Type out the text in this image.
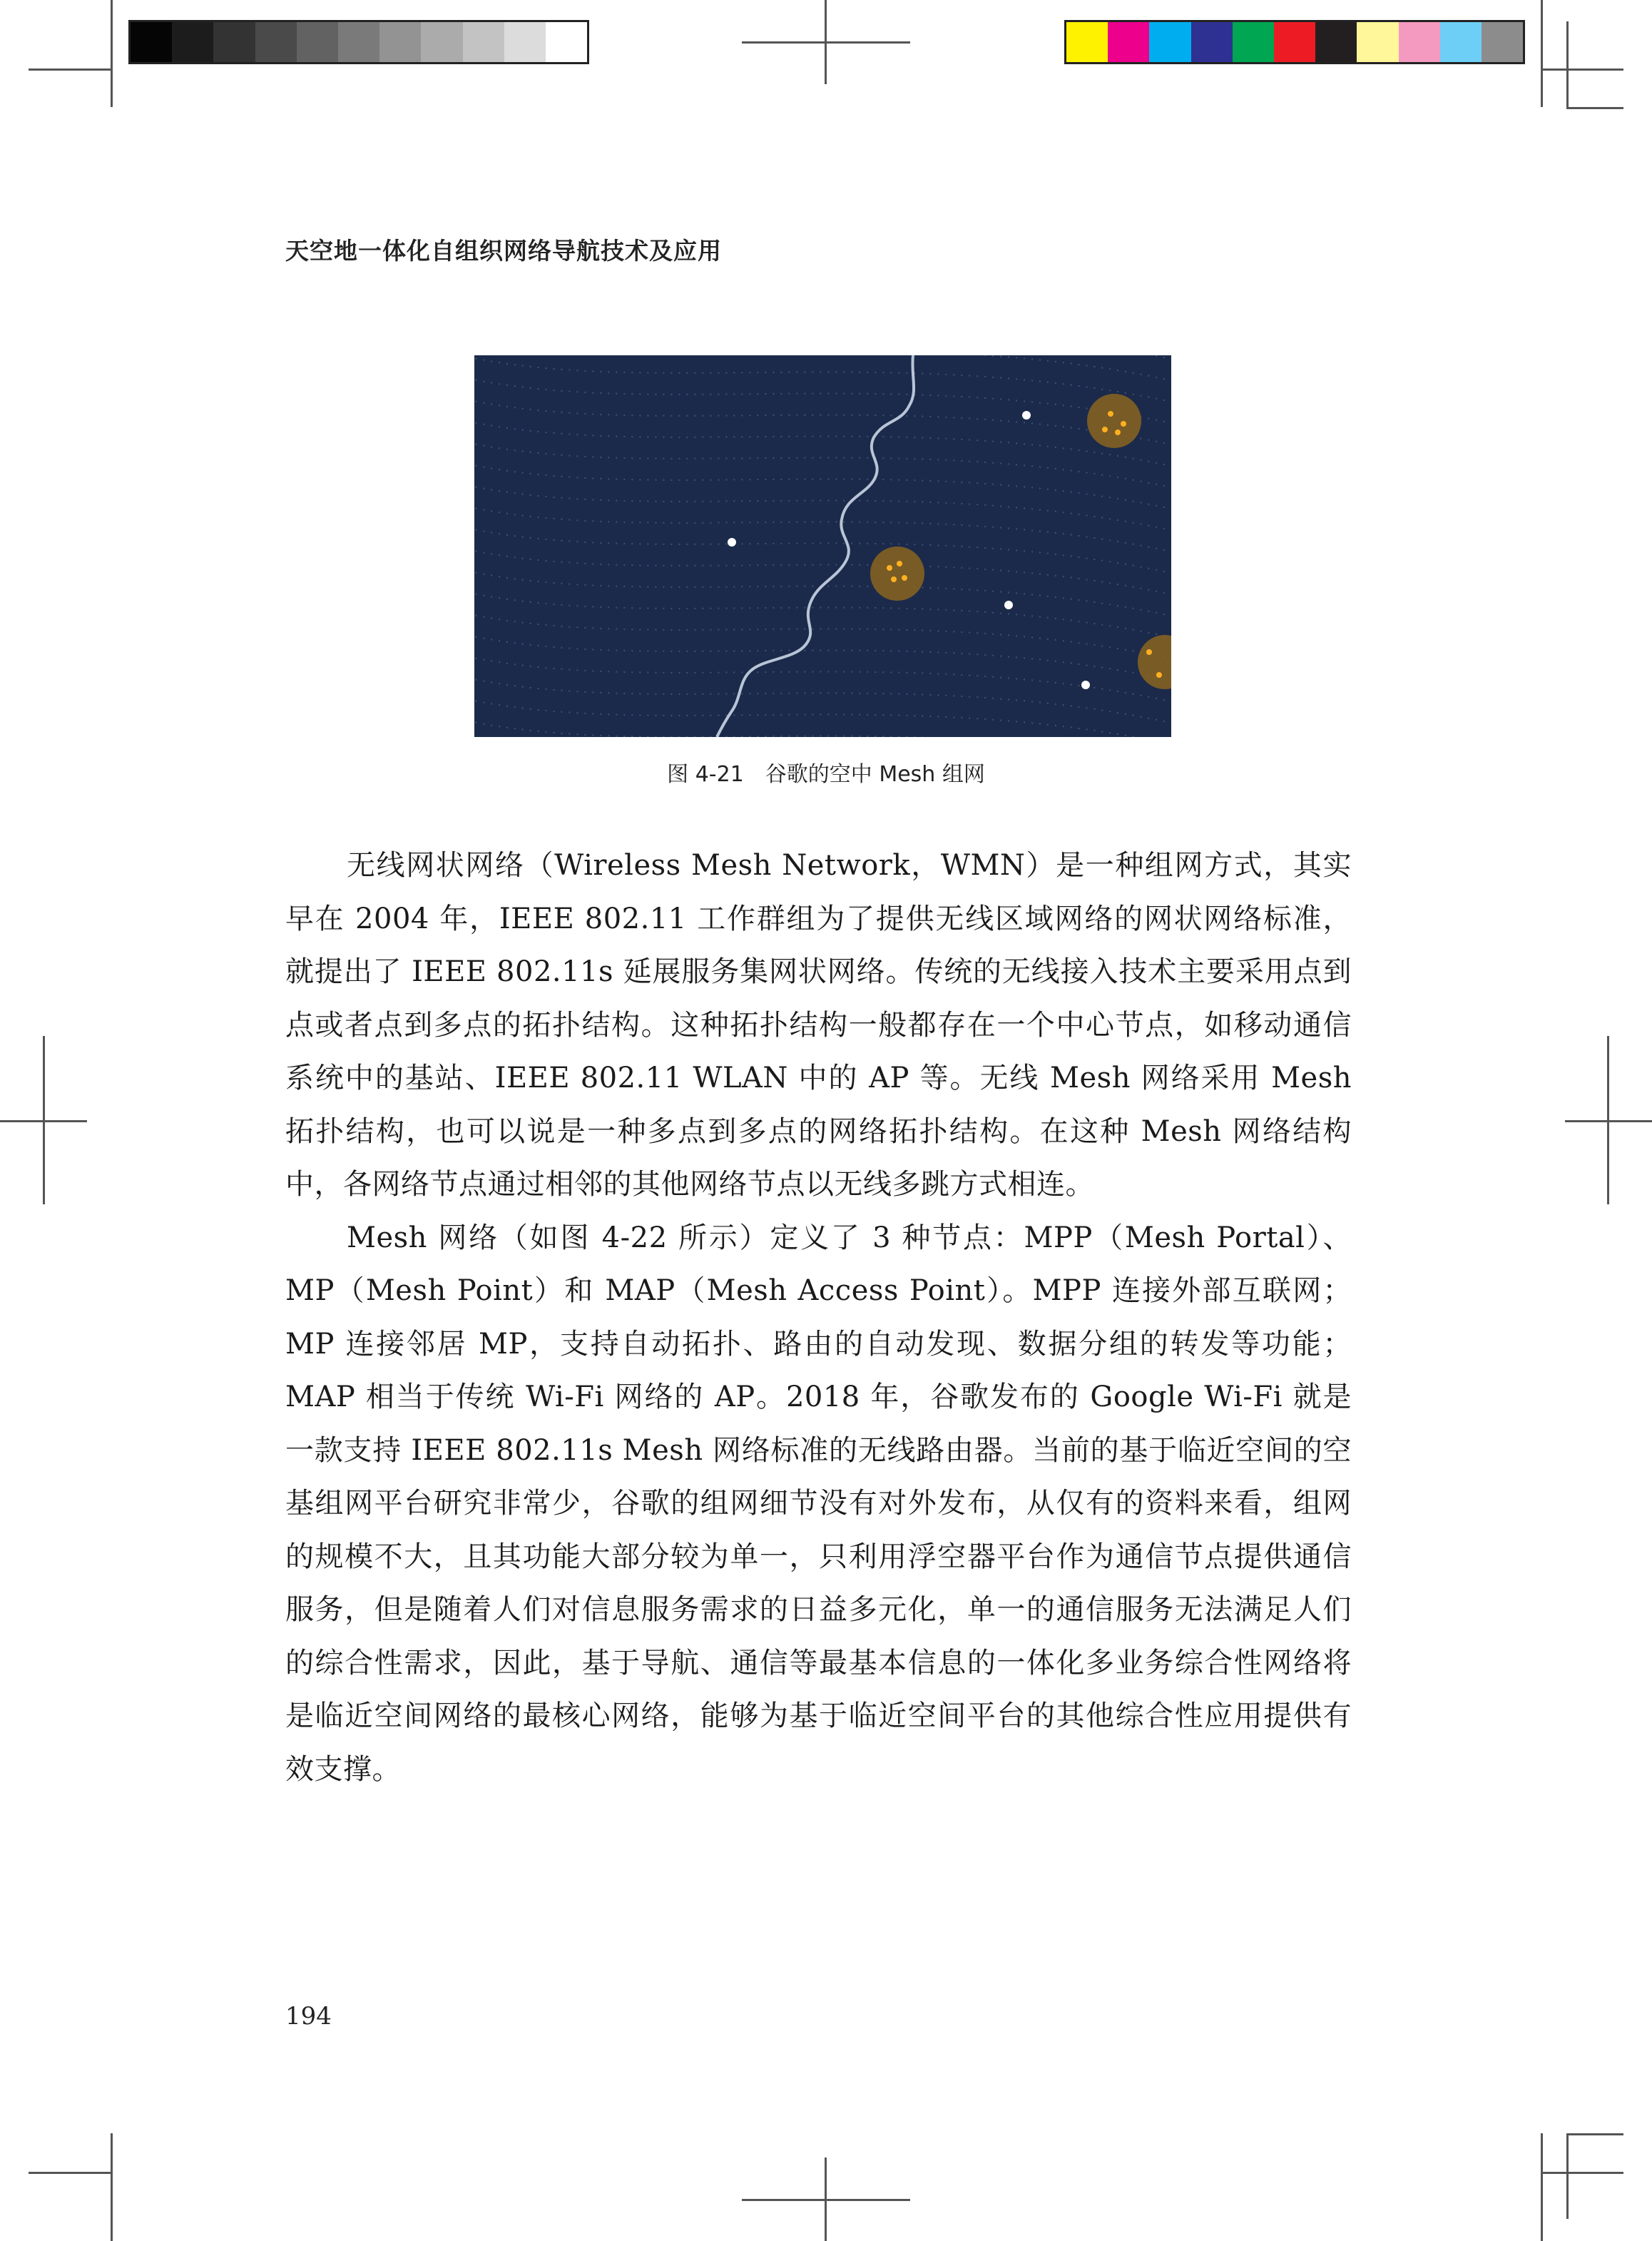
天空地一体化自组织网络导航技术及应用
图 4-21　谷歌的空中 Mesh 组网

无线网状网络（Wireless Mesh Network，WMN）是一种组网方式，其实早在 2004 年，IEEE 802.11 工作群组为了提供无线区域网络的网状网络标准，就提出了 IEEE 802.11s 延展服务集网状网络。传统的无线接入技术主要采用点到点或者点到多点的拓扑结构。这种拓扑结构一般都存在一个中心节点，如移动通信系统中的基站、IEEE 802.11 WLAN 中的 AP 等。无线 Mesh 网络采用 Mesh 拓扑结构，也可以说是一种多点到多点的网络拓扑结构。在这种 Mesh 网络结构中，各网络节点通过相邻的其他网络节点以无线多跳方式相连。

Mesh 网络（如图 4-22 所示）定义了 3 种节点：MPP（Mesh Portal）、MP（Mesh Point）和 MAP（Mesh Access Point）。MPP 连接外部互联网；MP 连接邻居 MP，支持自动拓扑、路由的自动发现、数据分组的转发等功能；MAP 相当于传统 Wi-Fi 网络的 AP。2018 年，谷歌发布的 Google Wi-Fi 就是一款支持 IEEE 802.11s Mesh 网络标准的无线路由器。当前的基于临近空间的空基组网平台研究非常少，谷歌的组网细节没有对外发布，从仅有的资料来看，组网的规模不大，且其功能大部分较为单一，只利用浮空器平台作为通信节点提供通信服务，但是随着人们对信息服务需求的日益多元化，单一的通信服务无法满足人们的综合性需求，因此，基于导航、通信等最基本信息的一体化多业务综合性网络将是临近空间网络的最核心网络，能够为基于临近空间平台的其他综合性应用提供有效支撑。

194
